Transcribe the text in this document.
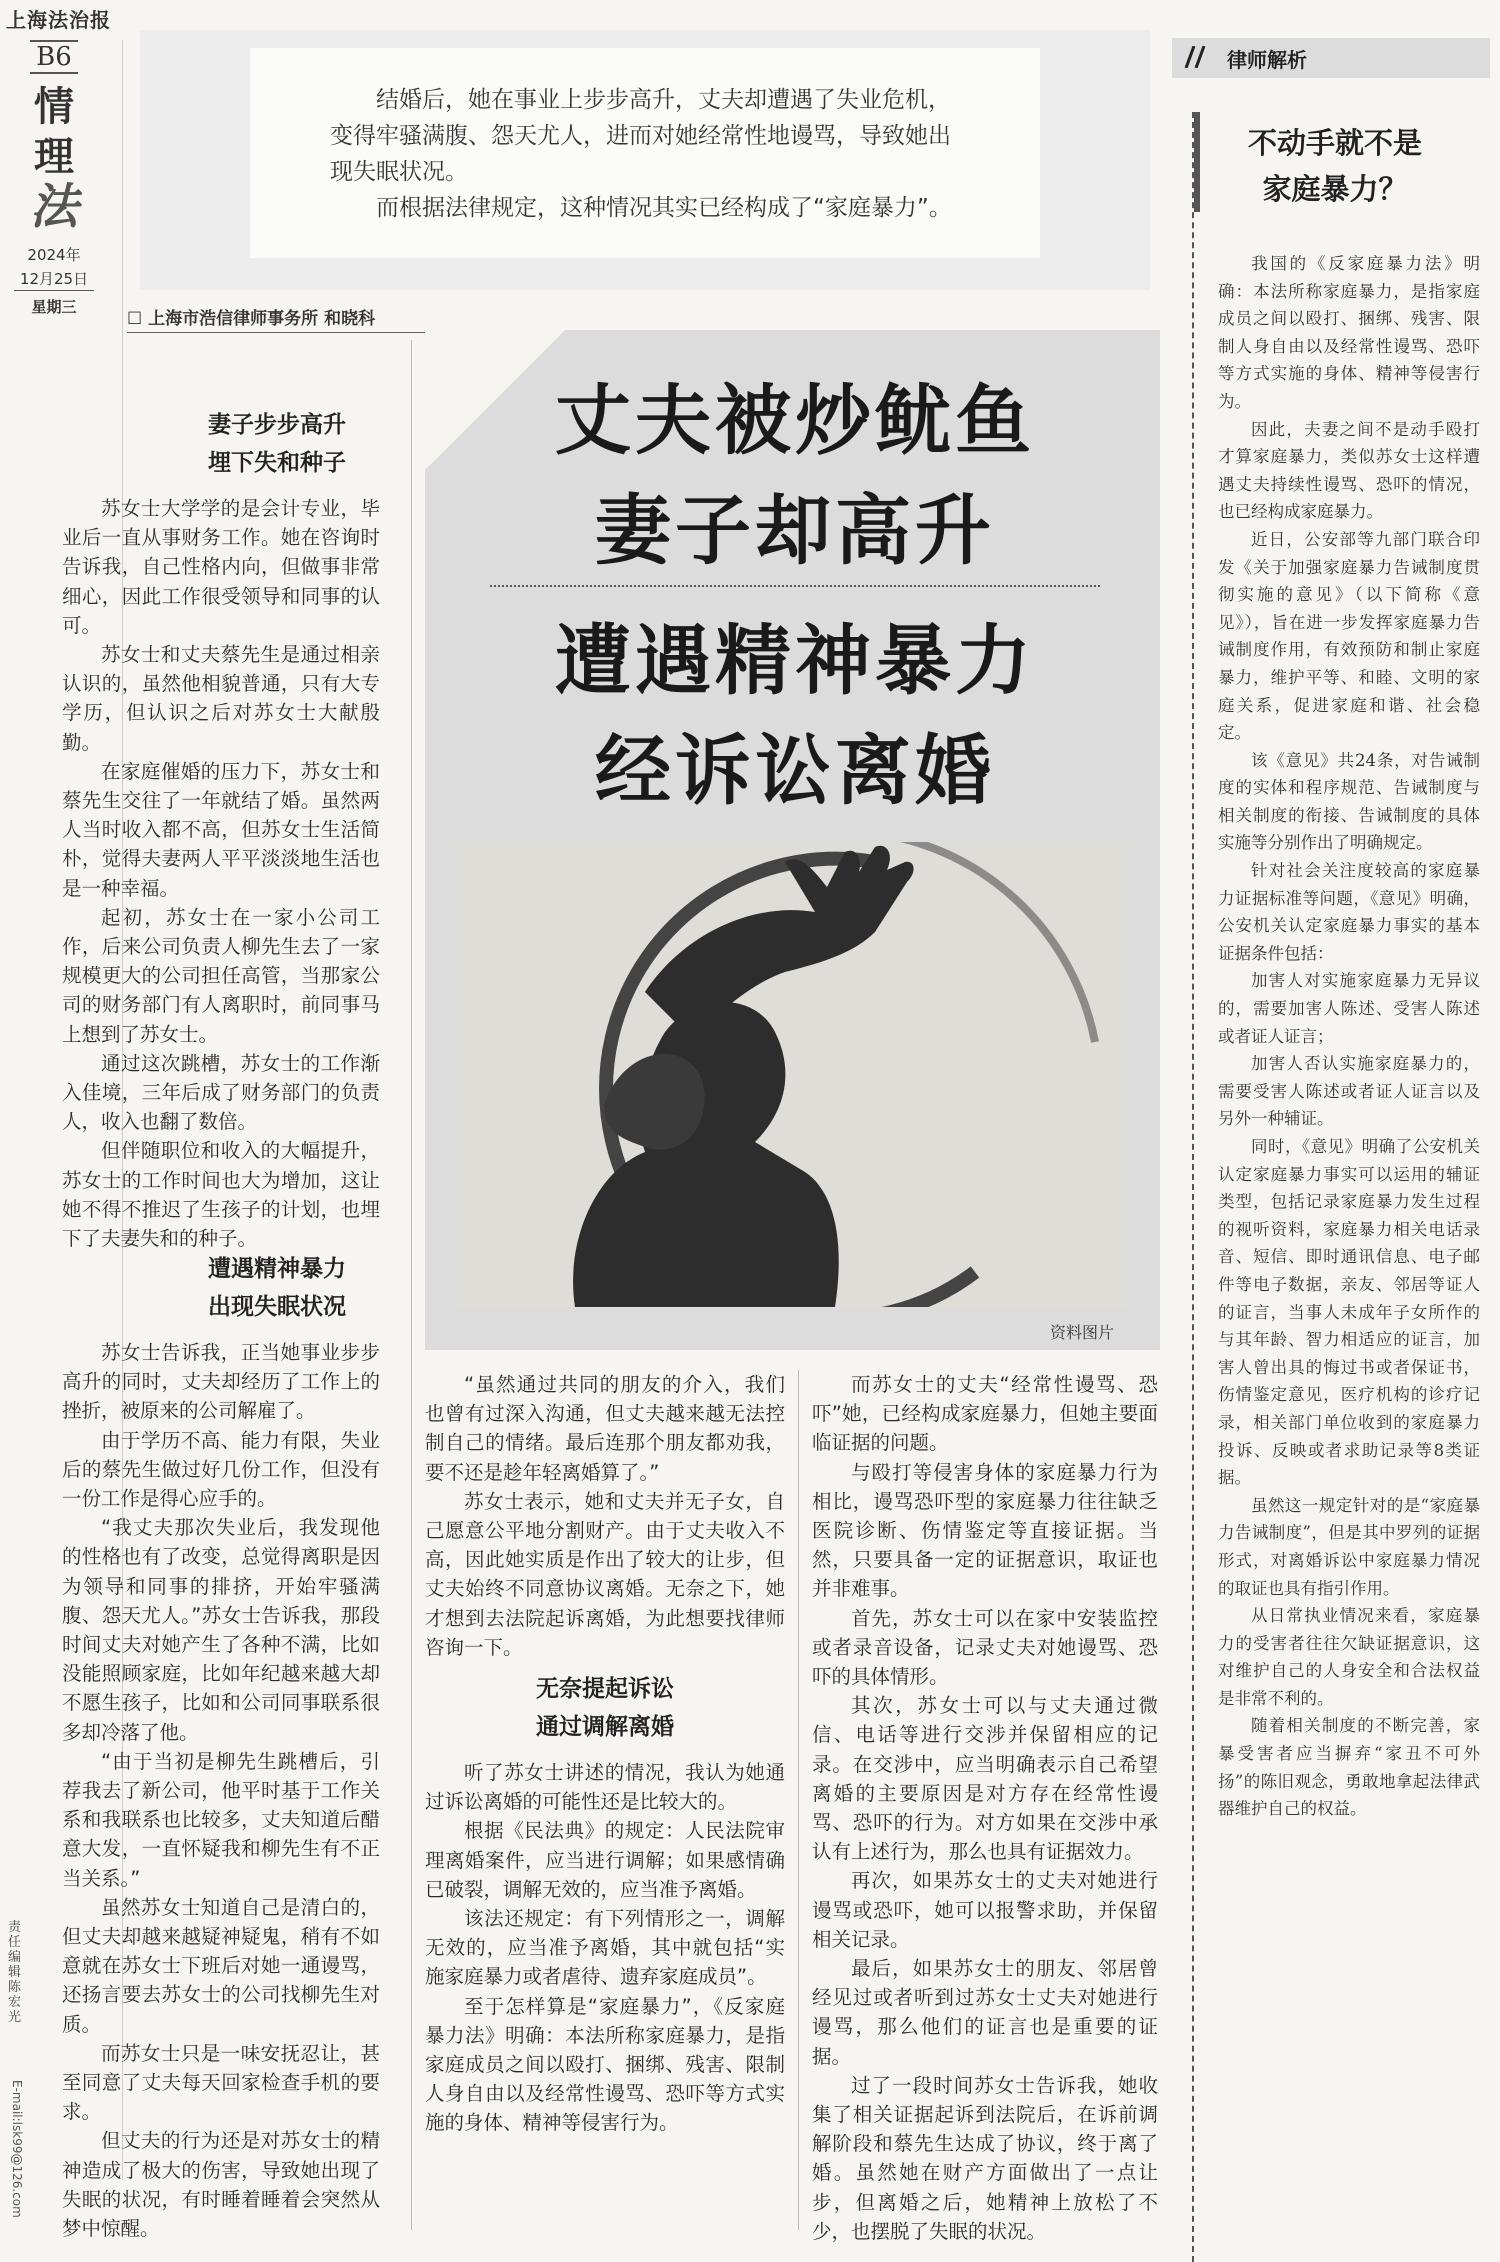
上海法治报
B6
情
理
法
2024年
12月25日
星期三
责任编辑 陈宏光
E-mail:lsk99@126.com

结婚后，她在事业上步步高升，丈夫却遭遇了失业危机，变得牢骚满腹、怨天尤人，进而对她经常性地谩骂，导致她出现失眠状况。

而根据法律规定，这种情况其实已经构成了“家庭暴力”。

☐ 上海市浩信律师事务所 和晓科
丈夫被炒鱿鱼
妻子却高升
遭遇精神暴力
经诉讼离婚
资料图片
妻子步步高升
埋下失和种子

苏女士大学学的是会计专业，毕业后一直从事财务工作。她在咨询时告诉我，自己性格内向，但做事非常细心，因此工作很受领导和同事的认可。

苏女士和丈夫蔡先生是通过相亲认识的，虽然他相貌普通，只有大专学历，但认识之后对苏女士大献殷勤。

在家庭催婚的压力下，苏女士和蔡先生交往了一年就结了婚。虽然两人当时收入都不高，但苏女士生活简朴，觉得夫妻两人平平淡淡地生活也是一种幸福。

起初，苏女士在一家小公司工作，后来公司负责人柳先生去了一家规模更大的公司担任高管，当那家公司的财务部门有人离职时，前同事马上想到了苏女士。

通过这次跳槽，苏女士的工作渐入佳境，三年后成了财务部门的负责人，收入也翻了数倍。

但伴随职位和收入的大幅提升，苏女士的工作时间也大为增加，这让她不得不推迟了生孩子的计划，也埋下了夫妻失和的种子。

遭遇精神暴力
出现失眠状况

苏女士告诉我，正当她事业步步高升的同时，丈夫却经历了工作上的挫折，被原来的公司解雇了。

由于学历不高、能力有限，失业后的蔡先生做过好几份工作，但没有一份工作是得心应手的。

“我丈夫那次失业后，我发现他的性格也有了改变，总觉得离职是因为领导和同事的排挤，开始牢骚满腹、怨天尤人。”苏女士告诉我，那段时间丈夫对她产生了各种不满，比如没能照顾家庭，比如年纪越来越大却不愿生孩子，比如和公司同事联系很多却冷落了他。

“由于当初是柳先生跳槽后，引荐我去了新公司，他平时基于工作关系和我联系也比较多，丈夫知道后醋意大发，一直怀疑我和柳先生有不正当关系。”

虽然苏女士知道自己是清白的，但丈夫却越来越疑神疑鬼，稍有不如意就在苏女士下班后对她一通谩骂，还扬言要去苏女士的公司找柳先生对质。

而苏女士只是一味安抚忍让，甚至同意了丈夫每天回家检查手机的要求。

但丈夫的行为还是对苏女士的精神造成了极大的伤害，导致她出现了失眠的状况，有时睡着睡着会突然从梦中惊醒。

“虽然通过共同的朋友的介入，我们也曾有过深入沟通，但丈夫越来越无法控制自己的情绪。最后连那个朋友都劝我，要不还是趁年轻离婚算了。”

苏女士表示，她和丈夫并无子女，自己愿意公平地分割财产。由于丈夫收入不高，因此她实质是作出了较大的让步，但丈夫始终不同意协议离婚。无奈之下，她才想到去法院起诉离婚，为此想要找律师咨询一下。

无奈提起诉讼
通过调解离婚

听了苏女士讲述的情况，我认为她通过诉讼离婚的可能性还是比较大的。

根据《民法典》的规定：人民法院审理离婚案件，应当进行调解；如果感情确已破裂，调解无效的，应当准予离婚。

该法还规定：有下列情形之一，调解无效的，应当准予离婚，其中就包括“实施家庭暴力或者虐待、遗弃家庭成员”。

至于怎样算是“家庭暴力”，《反家庭暴力法》明确：本法所称家庭暴力，是指家庭成员之间以殴打、捆绑、残害、限制人身自由以及经常性谩骂、恐吓等方式实施的身体、精神等侵害行为。

而苏女士的丈夫“经常性谩骂、恐吓”她，已经构成家庭暴力，但她主要面临证据的问题。

与殴打等侵害身体的家庭暴力行为相比，谩骂恐吓型的家庭暴力往往缺乏医院诊断、伤情鉴定等直接证据。当然，只要具备一定的证据意识，取证也并非难事。

首先，苏女士可以在家中安装监控或者录音设备，记录丈夫对她谩骂、恐吓的具体情形。

其次，苏女士可以与丈夫通过微信、电话等进行交涉并保留相应的记录。在交涉中，应当明确表示自己希望离婚的主要原因是对方存在经常性谩骂、恐吓的行为。对方如果在交涉中承认有上述行为，那么也具有证据效力。

再次，如果苏女士的丈夫对她进行谩骂或恐吓，她可以报警求助，并保留相关记录。

最后，如果苏女士的朋友、邻居曾经见过或者听到过苏女士丈夫对她进行谩骂，那么他们的证言也是重要的证据。

过了一段时间苏女士告诉我，她收集了相关证据起诉到法院后，在诉前调解阶段和蔡先生达成了协议，终于离了婚。虽然她在财产方面做出了一点让步，但离婚之后，她精神上放松了不少，也摆脱了失眠的状况。

律师解析
不动手就不是
家庭暴力？

我国的《反家庭暴力法》明确：本法所称家庭暴力，是指家庭成员之间以殴打、捆绑、残害、限制人身自由以及经常性谩骂、恐吓等方式实施的身体、精神等侵害行为。

因此，夫妻之间不是动手殴打才算家庭暴力，类似苏女士这样遭遇丈夫持续性谩骂、恐吓的情况，也已经构成家庭暴力。

近日，公安部等九部门联合印发《关于加强家庭暴力告诫制度贯彻实施的意见》（以下简称《意见》），旨在进一步发挥家庭暴力告诫制度作用，有效预防和制止家庭暴力，维护平等、和睦、文明的家庭关系，促进家庭和谐、社会稳定。

该《意见》共24条，对告诫制度的实体和程序规范、告诫制度与相关制度的衔接、告诫制度的具体实施等分别作出了明确规定。

针对社会关注度较高的家庭暴力证据标准等问题，《意见》明确，公安机关认定家庭暴力事实的基本证据条件包括：

加害人对实施家庭暴力无异议的，需要加害人陈述、受害人陈述或者证人证言；

加害人否认实施家庭暴力的，需要受害人陈述或者证人证言以及另外一种辅证。

同时，《意见》明确了公安机关认定家庭暴力事实可以运用的辅证类型，包括记录家庭暴力发生过程的视听资料，家庭暴力相关电话录音、短信、即时通讯信息、电子邮件等电子数据，亲友、邻居等证人的证言，当事人未成年子女所作的与其年龄、智力相适应的证言，加害人曾出具的悔过书或者保证书，伤情鉴定意见，医疗机构的诊疗记录，相关部门单位收到的家庭暴力投诉、反映或者求助记录等8类证据。

虽然这一规定针对的是“家庭暴力告诫制度”，但是其中罗列的证据形式，对离婚诉讼中家庭暴力情况的取证也具有指引作用。

从日常执业情况来看，家庭暴力的受害者往往欠缺证据意识，这对维护自己的人身安全和合法权益是非常不利的。

随着相关制度的不断完善，家暴受害者应当摒弃“家丑不可外扬”的陈旧观念，勇敢地拿起法律武器维护自己的权益。
